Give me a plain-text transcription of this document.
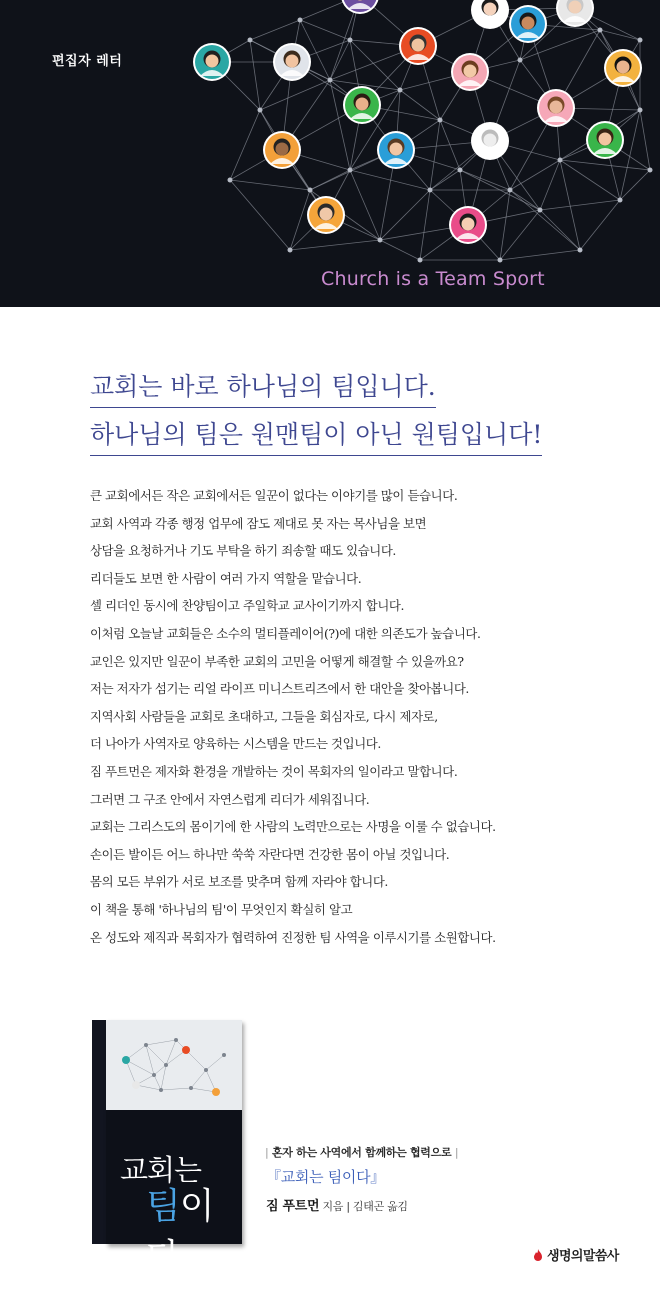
편집자 레터
Church is a Team Sport
교회는 바로 하나님의 팀입니다.
하나님의 팀은 원맨팀이 아닌 원팀입니다!
큰 교회에서든 작은 교회에서든 일꾼이 없다는 이야기를 많이 듣습니다.
교회 사역과 각종 행정 업무에 잠도 제대로 못 자는 목사님을 보면
상담을 요청하거나 기도 부탁을 하기 죄송할 때도 있습니다.
리더들도 보면 한 사람이 여러 가지 역할을 맡습니다.
셀 리더인 동시에 찬양팀이고 주일학교 교사이기까지 합니다.
이처럼 오늘날 교회들은 소수의 멀티플레이어(?)에 대한 의존도가 높습니다.
교인은 있지만 일꾼이 부족한 교회의 고민을 어떻게 해결할 수 있을까요?
저는 저자가 섬기는 리얼 라이프 미니스트리즈에서 한 대안을 찾아봅니다.
지역사회 사람들을 교회로 초대하고, 그들을 회심자로, 다시 제자로,
더 나아가 사역자로 양육하는 시스템을 만드는 것입니다.
짐 푸트먼은 제자화 환경을 개발하는 것이 목회자의 일이라고 말합니다.
그러면 그 구조 안에서 자연스럽게 리더가 세워집니다.
교회는 그리스도의 몸이기에 한 사람의 노력만으로는 사명을 이룰 수 없습니다.
손이든 발이든 어느 하나만 쑥쑥 자란다면 건강한 몸이 아닐 것입니다.
몸의 모든 부위가 서로 보조를 맞추며 함께 자라야 합니다.
이 책을 통해 '하나님의 팀'이 무엇인지 확실히 알고
온 성도와 제직과 목회자가 협력하여 진정한 팀 사역을 이루시기를 소원합니다.
교회는
팀이다
| 혼자 하는 사역에서 함께하는 협력으로 |
『교회는 팀이다』
짐 푸트먼 지음 | 김태곤 옮김
생명의말씀사
